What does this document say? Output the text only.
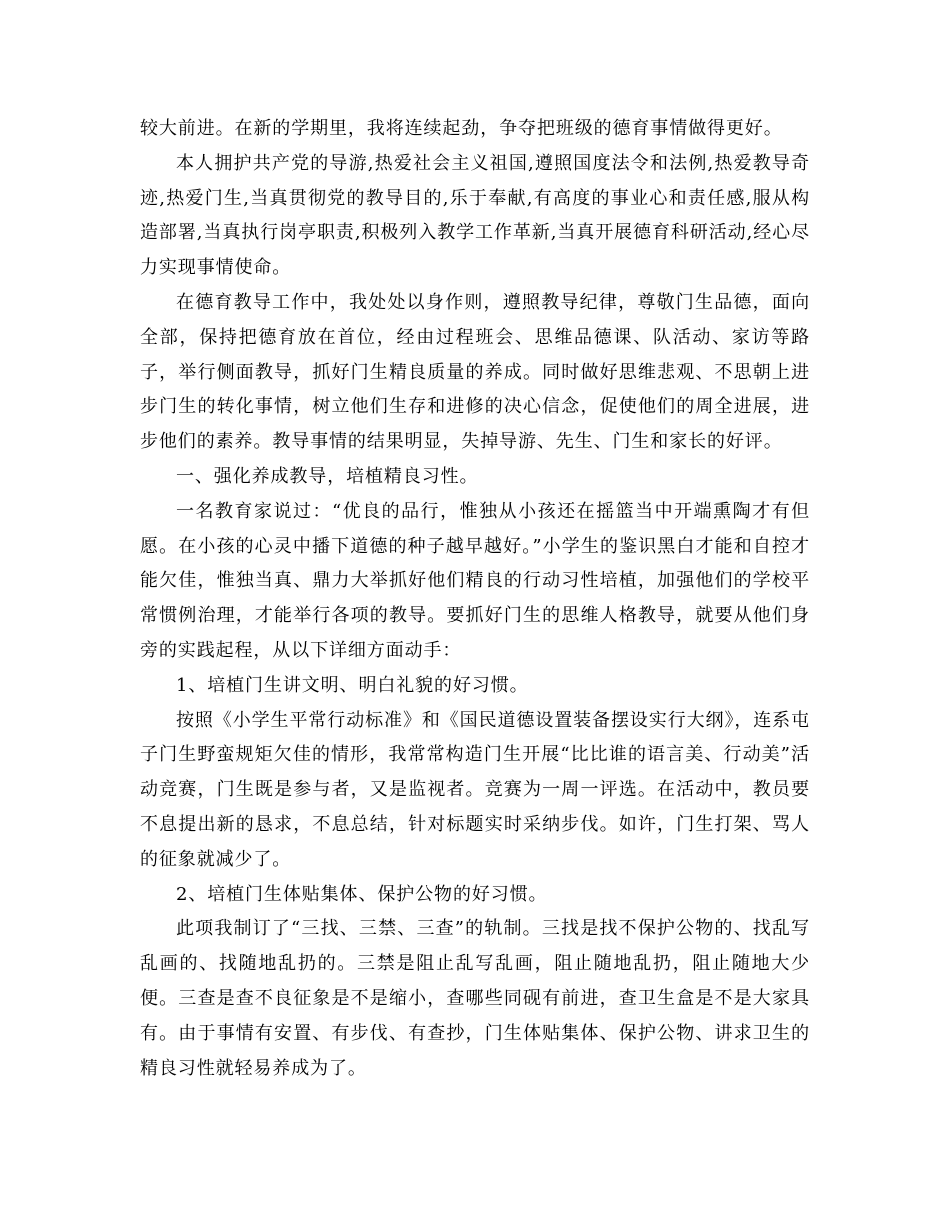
较大前进。在新的学期里，我将连续起劲，争夺把班级的德育事情做得更好。

本人拥护共产党的导游,热爱社会主义祖国,遵照国度法令和法例,热爱教导奇迹,热爱门生,当真贯彻党的教导目的,乐于奉献,有高度的事业心和责任感,服从构造部署,当真执行岗亭职责,积极列入教学工作革新,当真开展德育科研活动,经心尽力实现事情使命。

在德育教导工作中，我处处以身作则，遵照教导纪律，尊敬门生品德，面向全部，保持把德育放在首位，经由过程班会、思维品德课、队活动、家访等路子，举行侧面教导，抓好门生精良质量的养成。同时做好思维悲观、不思朝上进步门生的转化事情，树立他们生存和进修的决心信念，促使他们的周全进展，进步他们的素养。教导事情的结果明显，失掉导游、先生、门生和家长的好评。

一、强化养成教导，培植精良习性。

一名教育家说过：“优良的品行，惟独从小孩还在摇篮当中开端熏陶才有但愿。在小孩的心灵中播下道德的种子越早越好。”小学生的鉴识黑白才能和自控才能欠佳，惟独当真、鼎力大举抓好他们精良的行动习性培植，加强他们的学校平常惯例治理，才能举行各项的教导。要抓好门生的思维人格教导，就要从他们身旁的实践起程，从以下详细方面动手：

1、培植门生讲文明、明白礼貌的好习惯。

按照《小学生平常行动标准》和《国民道德设置装备摆设实行大纲》，连系屯子门生野蛮规矩欠佳的情形，我常常构造门生开展“比比谁的语言美、行动美”活动竞赛，门生既是参与者，又是监视者。竞赛为一周一评选。在活动中，教员要不息提出新的恳求，不息总结，针对标题实时采纳步伐。如许，门生打架、骂人的征象就减少了。

2、培植门生体贴集体、保护公物的好习惯。

此项我制订了“三找、三禁、三查”的轨制。三找是找不保护公物的、找乱写乱画的、找随地乱扔的。三禁是阻止乱写乱画，阻止随地乱扔，阻止随地大少便。三查是查不良征象是不是缩小，查哪些同砚有前进，查卫生盒是不是大家具有。由于事情有安置、有步伐、有查抄，门生体贴集体、保护公物、讲求卫生的精良习性就轻易养成为了。
